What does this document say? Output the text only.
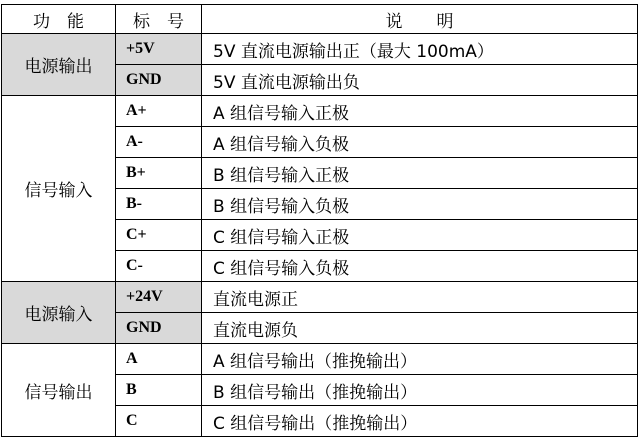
功　能	标　号	说　　明
电源输出	+5V	5V 直流电源输出正（最大 100mA）
	GND	5V 直流电源输出负
信号输入	A+	A 组信号输入正极
	A-	A 组信号输入负极
	B+	B 组信号输入正极
	B-	B 组信号输入负极
	C+	C 组信号输入正极
	C-	C 组信号输入负极
电源输入	+24V	直流电源正
	GND	直流电源负
信号输出	A	A 组信号输出（推挽输出）
	B	B 组信号输出（推挽输出）
	C	C 组信号输出（推挽输出）
